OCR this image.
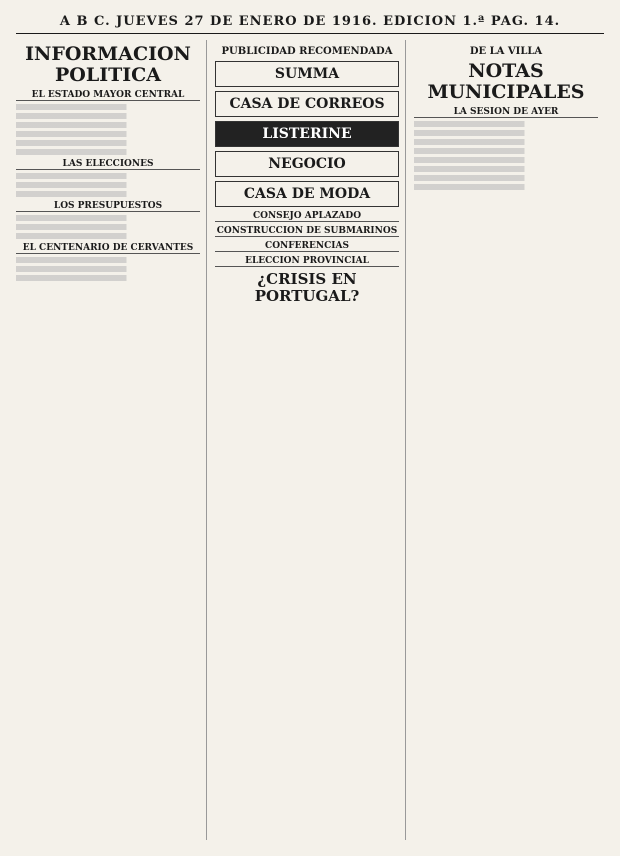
A B C. JUEVES 27 DE ENERO DE 1916. EDICION 1.ª PAG. 14.
INFORMACION POLITICA
EL ESTADO MAYOR CENTRAL
LAS ELECCIONES
LOS PRESUPUESTOS
EL CENTENARIO DE CERVANTES
PUBLICIDAD RECOMENDADA
SUMMA
CASA DE CORREOS
LISTERINE
NEGOCIO
CASA DE MODA
CONSEJO APLAZADO
CONSTRUCCION DE SUBMARINOS
CONFERENCIAS
ELECCION PROVINCIAL
¿CRISIS EN PORTUGAL?
DE LA VILLA
NOTAS MUNICIPALES
LA SESION DE AYER
